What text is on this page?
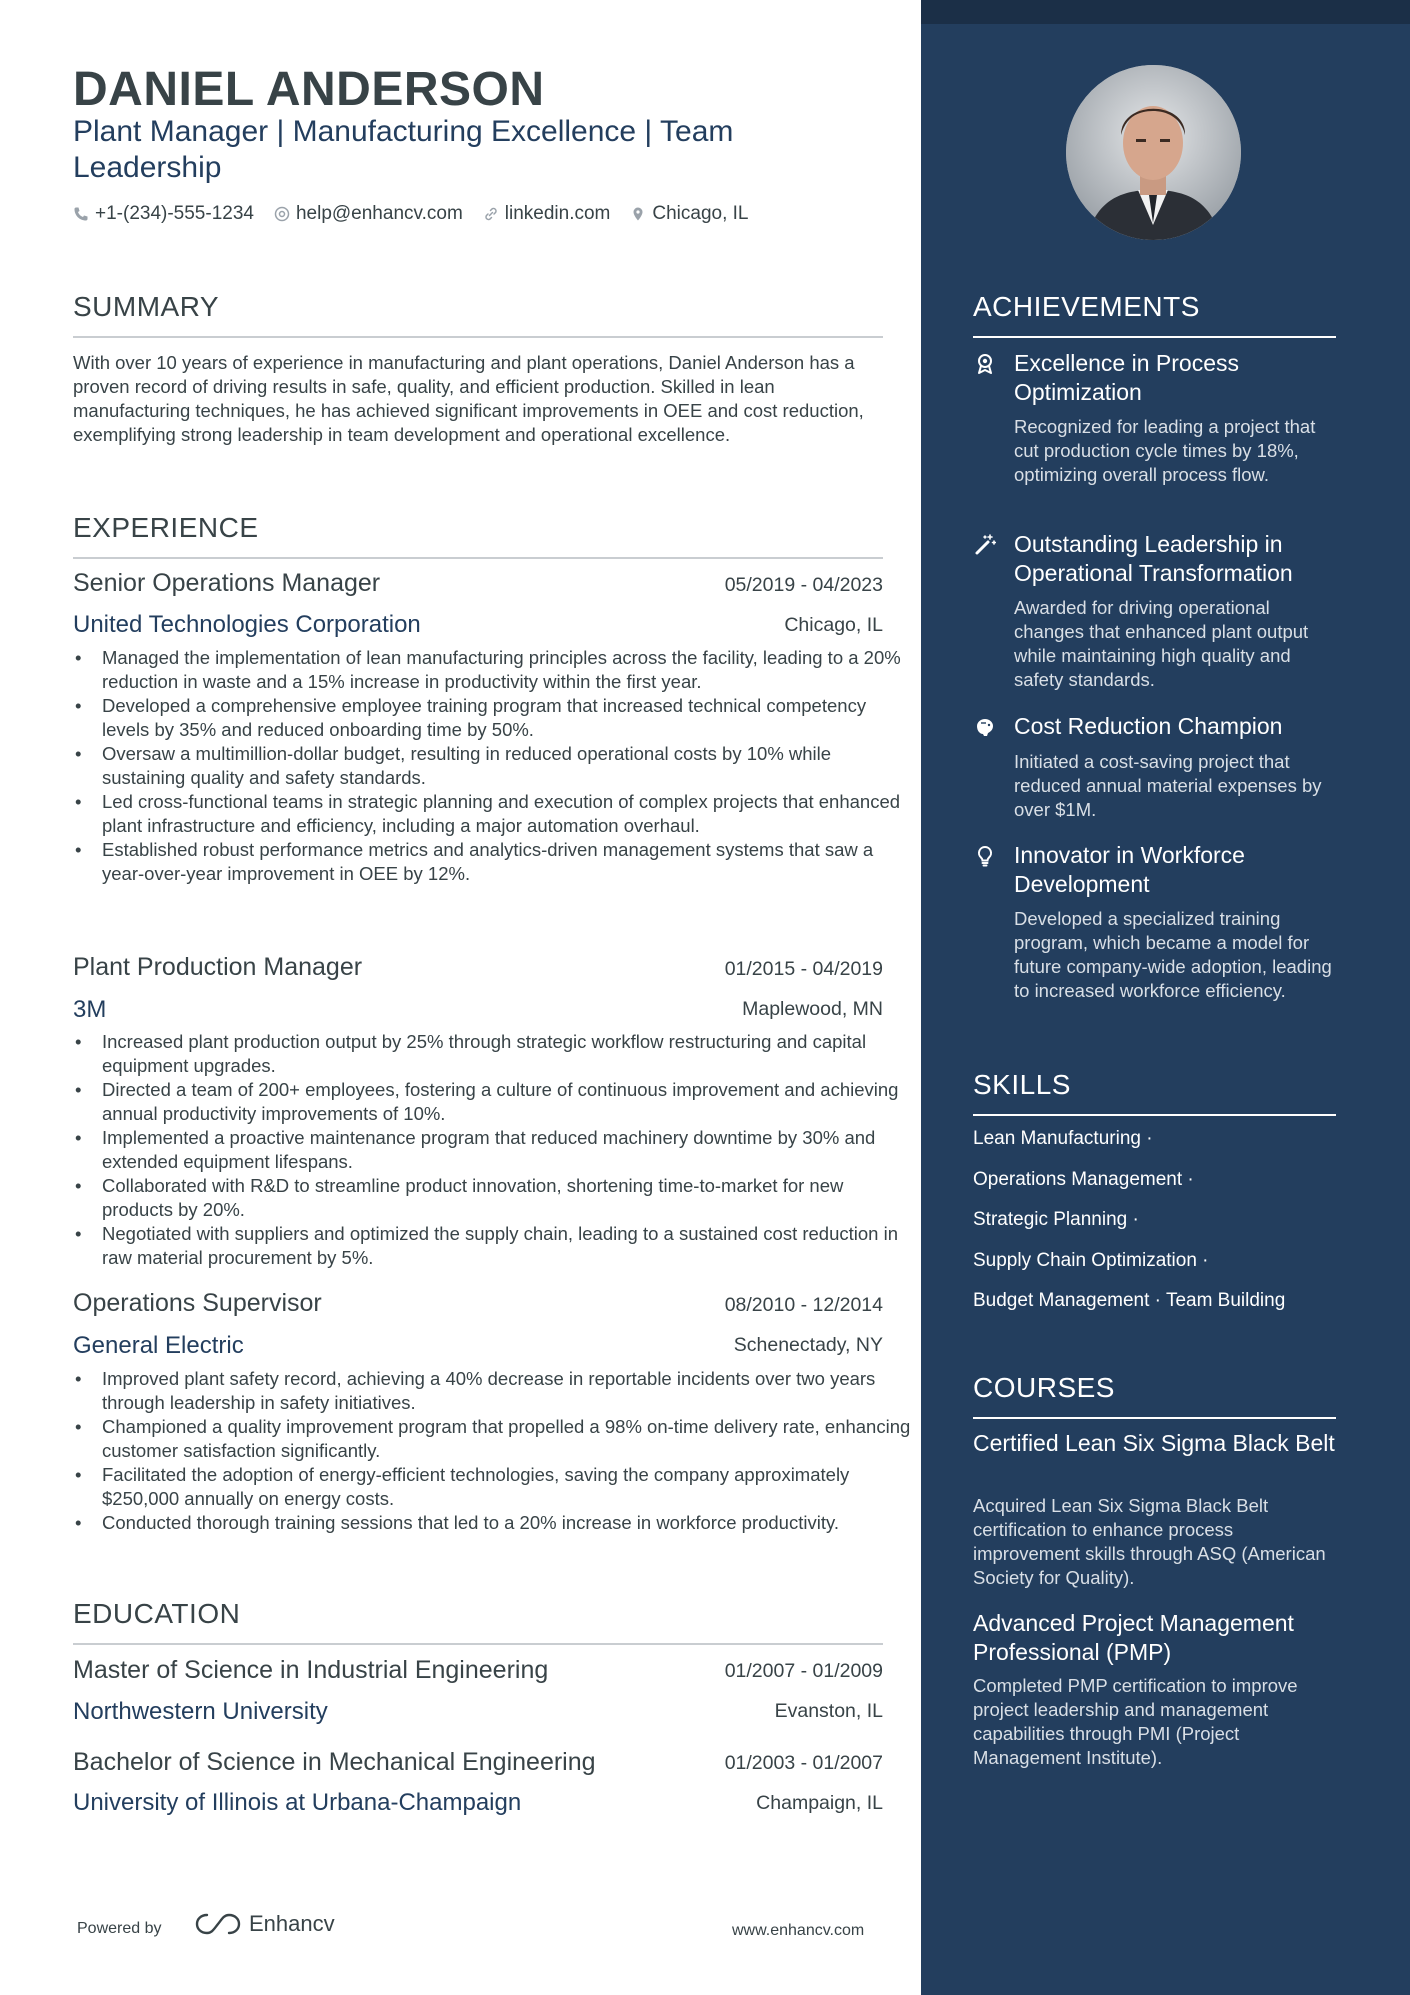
DANIEL ANDERSON
Plant Manager | Manufacturing Excellence | Team Leadership
+1-(234)-555-1234 help@enhancv.com linkedin.com Chicago, IL
SUMMARY
With over 10 years of experience in manufacturing and plant operations, Daniel Anderson has a proven record of driving results in safe, quality, and efficient production. Skilled in lean manufacturing techniques, he has achieved significant improvements in OEE and cost reduction, exemplifying strong leadership in team development and operational excellence.
EXPERIENCE
Senior Operations Manager	05/2019 - 04/2023
United Technologies Corporation	Chicago, IL
• Managed the implementation of lean manufacturing principles across the facility, leading to a 20% reduction in waste and a 15% increase in productivity within the first year.
• Developed a comprehensive employee training program that increased technical competency levels by 35% and reduced onboarding time by 50%.
• Oversaw a multimillion-dollar budget, resulting in reduced operational costs by 10% while sustaining quality and safety standards.
• Led cross-functional teams in strategic planning and execution of complex projects that enhanced plant infrastructure and efficiency, including a major automation overhaul.
• Established robust performance metrics and analytics-driven management systems that saw a year-over-year improvement in OEE by 12%.
Plant Production Manager	01/2015 - 04/2019
3M	Maplewood, MN
• Increased plant production output by 25% through strategic workflow restructuring and capital equipment upgrades.
• Directed a team of 200+ employees, fostering a culture of continuous improvement and achieving annual productivity improvements of 10%.
• Implemented a proactive maintenance program that reduced machinery downtime by 30% and extended equipment lifespans.
• Collaborated with R&D to streamline product innovation, shortening time-to-market for new products by 20%.
• Negotiated with suppliers and optimized the supply chain, leading to a sustained cost reduction in raw material procurement by 5%.
Operations Supervisor	08/2010 - 12/2014
General Electric	Schenectady, NY
• Improved plant safety record, achieving a 40% decrease in reportable incidents over two years through leadership in safety initiatives.
• Championed a quality improvement program that propelled a 98% on-time delivery rate, enhancing customer satisfaction significantly.
• Facilitated the adoption of energy-efficient technologies, saving the company approximately $250,000 annually on energy costs.
• Conducted thorough training sessions that led to a 20% increase in workforce productivity.
EDUCATION
Master of Science in Industrial Engineering	01/2007 - 01/2009
Northwestern University	Evanston, IL
Bachelor of Science in Mechanical Engineering	01/2003 - 01/2007
University of Illinois at Urbana-Champaign	Champaign, IL
Powered by	Enhancv	www.enhancv.com
ACHIEVEMENTS
Excellence in Process Optimization
Recognized for leading a project that cut production cycle times by 18%, optimizing overall process flow.
Outstanding Leadership in Operational Transformation
Awarded for driving operational changes that enhanced plant output while maintaining high quality and safety standards.
Cost Reduction Champion
Initiated a cost-saving project that reduced annual material expenses by over $1M.
Innovator in Workforce Development
Developed a specialized training program, which became a model for future company-wide adoption, leading to increased workforce efficiency.
SKILLS
Lean Manufacturing ·
Operations Management ·
Strategic Planning ·
Supply Chain Optimization ·
Budget Management · Team Building
COURSES
Certified Lean Six Sigma Black Belt
Acquired Lean Six Sigma Black Belt certification to enhance process improvement skills through ASQ (American Society for Quality).
Advanced Project Management Professional (PMP)
Completed PMP certification to improve project leadership and management capabilities through PMI (Project Management Institute).
